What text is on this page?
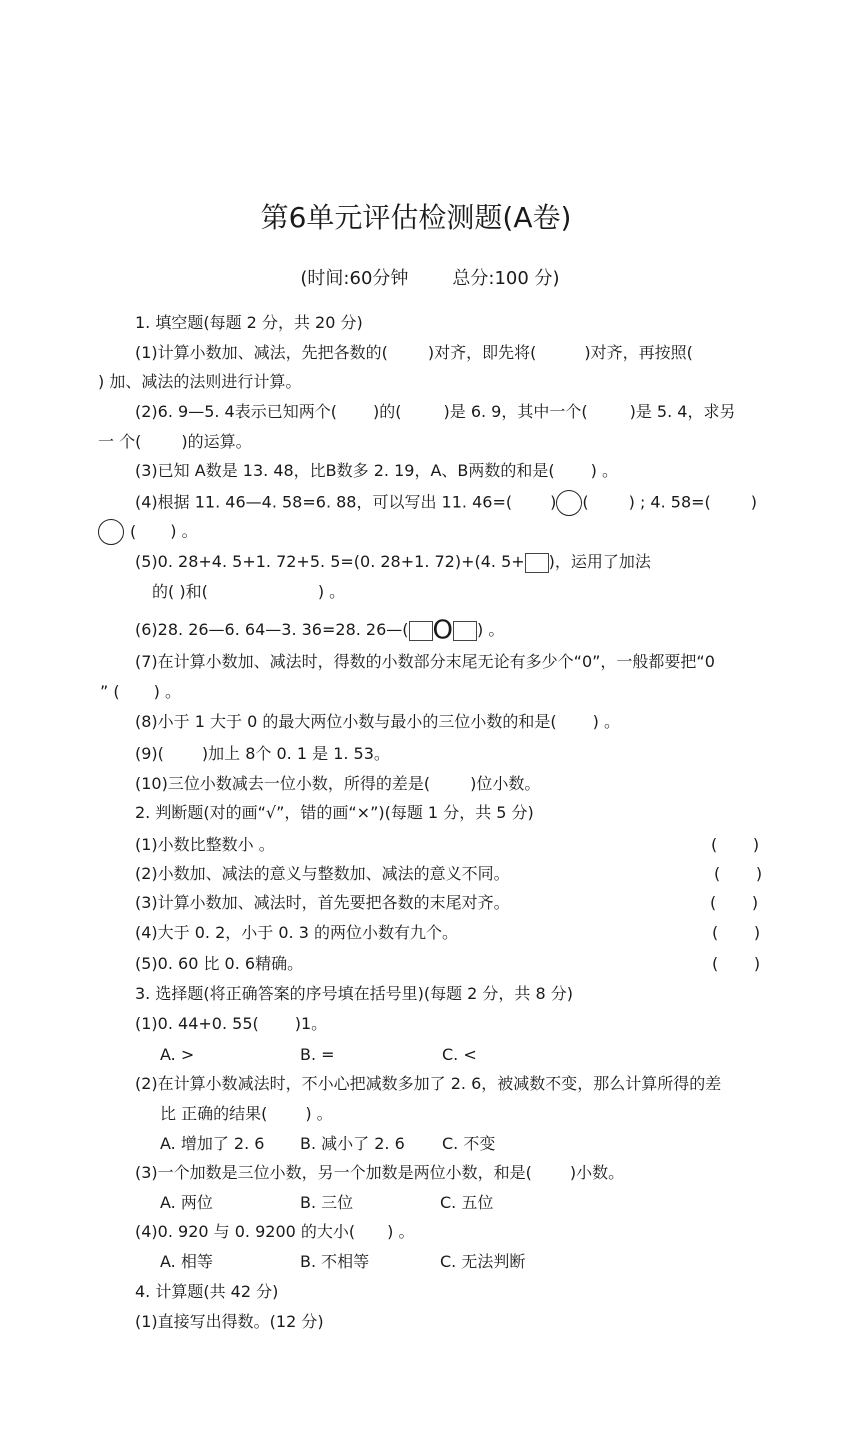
第6单元评估检测题(A卷)
(时间:60分钟 总分:100 分)
1. 填空题(每题 2 分，共 20 分)
(1)计算小数加、减法，先把各数的(	)对齐，即先将(	)对齐，再按照(
) 加、减法的法则进行计算。
(2)6. 9—5. 4表示已知两个( )的(	)是 6. 9，其中一个(	)是 5. 4，求另
一 个(	)的运算。
(3)已知 A数是 13. 48，比B数多 2. 19，A、B两数的和是( ) 。
(4)根据 11. 46—4. 58=6. 88，可以写出 11. 46=( ) (	) ; 4. 58=(	)
( ) 。
(5)0. 28+4. 5+1. 72+5. 5=(0. 28+1. 72)+(4. 5+ )，运用了加法
的( )和(	) 。
(6)28. 26—6. 64—3. 36=28. 26—( O ) 。
(7)在计算小数加、减法时，得数的小数部分末尾无论有多少个“0”，一般都要把“0
” ( ) 。
(8)小于 1 大于 0 的最大两位小数与最小的三位小数的和是( ) 。
(9)( )加上 8个 0. 1 是 1. 53。
(10)三位小数减去一位小数，所得的差是(	)位小数。
2. 判断题(对的画“√”，错的画“×”)(每题 1 分，共 5 分)
(1)小数比整数小 。	(       )
(2)小数加、减法的意义与整数加、减法的意义不同。	(       )
(3)计算小数加、减法时，首先要把各数的末尾对齐。	(       )
(4)大于 0. 2，小于 0. 3 的两位小数有九个。	(       )
(5)0. 60 比 0. 6精确。	(       )
3. 选择题(将正确答案的序号填在括号里)(每题 2 分，共 8 分)
(1)0. 44+0. 55( )1。
A. >	B. =	C. <
(2)在计算小数减法时，不小心把减数多加了 2. 6，被减数不变，那么计算所得的差
比 正确的结果( ) 。
A. 增加了 2. 6 B. 减小了 2. 6 C. 不变
(3)一个加数是三位小数，另一个加数是两位小数，和是( )小数。
A. 两位	B. 三位	C. 五位
(4)0. 920 与 0. 9200 的大小( ) 。
A. 相等	B. 不相等	C. 无法判断
4. 计算题(共 42 分)
(1)直接写出得数。(12 分)
